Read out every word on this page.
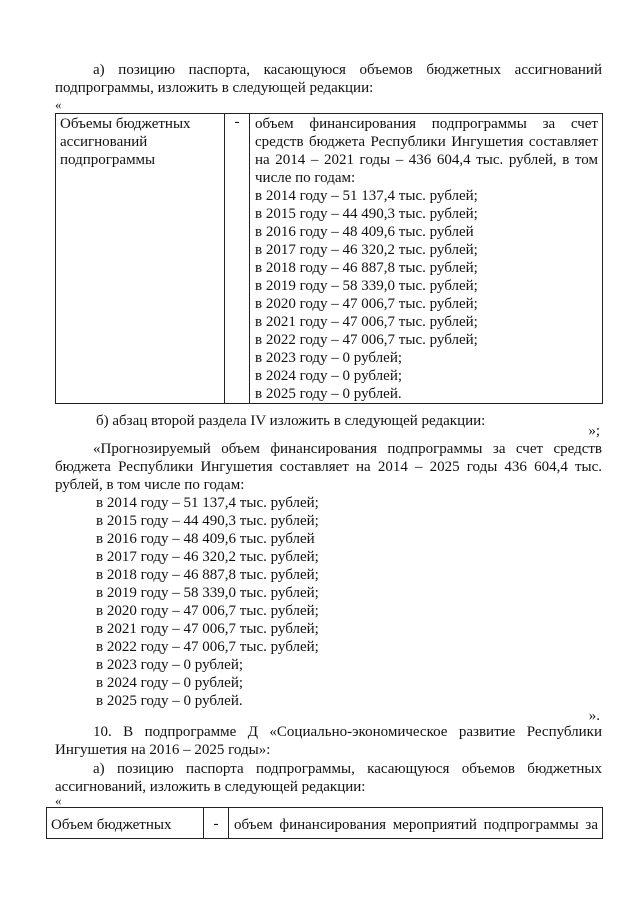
а) позицию паспорта, касающуюся объемов бюджетных ассигнований подпрограммы, изложить в следующей редакции:
«
Объемы бюджетных ассигнований подпрограммы	-	объем финансирования подпрограммы за счет средств бюджета Республики Ингушетия составляет на 2014 – 2021 годы – 436 604,4 тыс. рублей, в том числе по годам:
в 2014 году – 51 137,4 тыс. рублей;
в 2015 году – 44 490,3 тыс. рублей;
в 2016 году – 48 409,6 тыс. рублей
в 2017 году – 46 320,2 тыс. рублей;
в 2018 году – 46 887,8 тыс. рублей;
в 2019 году – 58 339,0 тыс. рублей;
в 2020 году – 47 006,7 тыс. рублей;
в 2021 году – 47 006,7 тыс. рублей;
в 2022 году – 47 006,7 тыс. рублей;
в 2023 году – 0 рублей;
в 2024 году – 0 рублей;
в 2025 году – 0 рублей.
б) абзац второй раздела IV изложить в следующей редакции:
»;
«Прогнозируемый объем финансирования подпрограммы за счет средств бюджета Республики Ингушетия составляет на 2014 – 2025 годы 436 604,4 тыс. рублей, в том числе по годам:
в 2014 году – 51 137,4 тыс. рублей;
в 2015 году – 44 490,3 тыс. рублей;
в 2016 году – 48 409,6 тыс. рублей
в 2017 году – 46 320,2 тыс. рублей;
в 2018 году – 46 887,8 тыс. рублей;
в 2019 году – 58 339,0 тыс. рублей;
в 2020 году – 47 006,7 тыс. рублей;
в 2021 году – 47 006,7 тыс. рублей;
в 2022 году – 47 006,7 тыс. рублей;
в 2023 году – 0 рублей;
в 2024 году – 0 рублей;
в 2025 году – 0 рублей.
».
10. В подпрограмме Д «Социально-экономическое развитие Республики Ингушетия на 2016 – 2025 годы»:
а) позицию паспорта подпрограммы, касающуюся объемов бюджетных ассигнований, изложить в следующей редакции:
«
Объем бюджетных	-	объем финансирования мероприятий подпрограммы за
